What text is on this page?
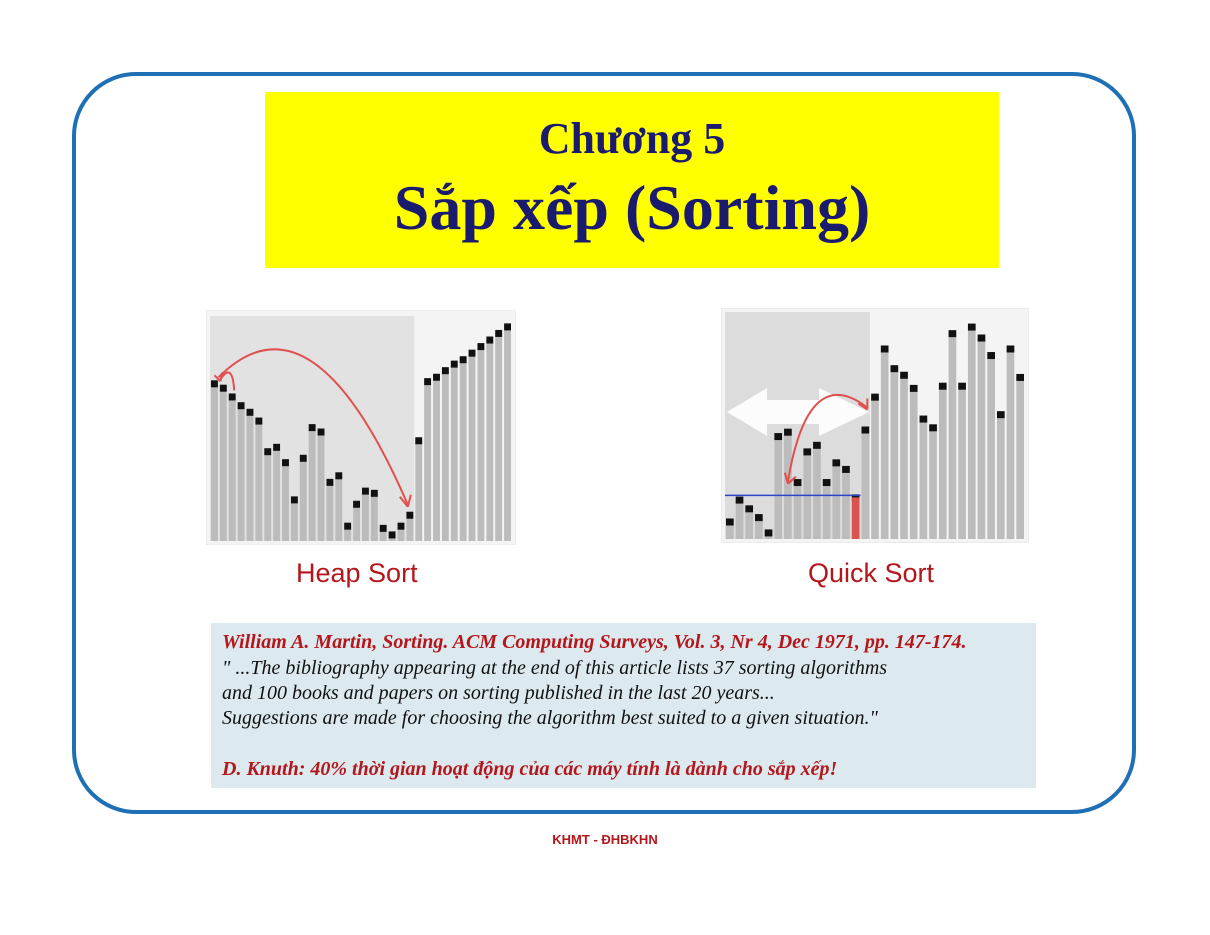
Chương 5
Sắp xếp (Sorting)
Heap Sort	Quick Sort
William A. Martin, Sorting. ACM Computing Surveys, Vol. 3, Nr 4, Dec 1971, pp. 147-174.
" ...The bibliography appearing at the end of this article lists 37 sorting algorithms
and 100 books and papers on sorting published in the last 20 years...
Suggestions are made for choosing the algorithm best suited to a given situation."
D. Knuth: 40% thời gian hoạt động của các máy tính là dành cho sắp xếp!
KHMT - ĐHBKHN
